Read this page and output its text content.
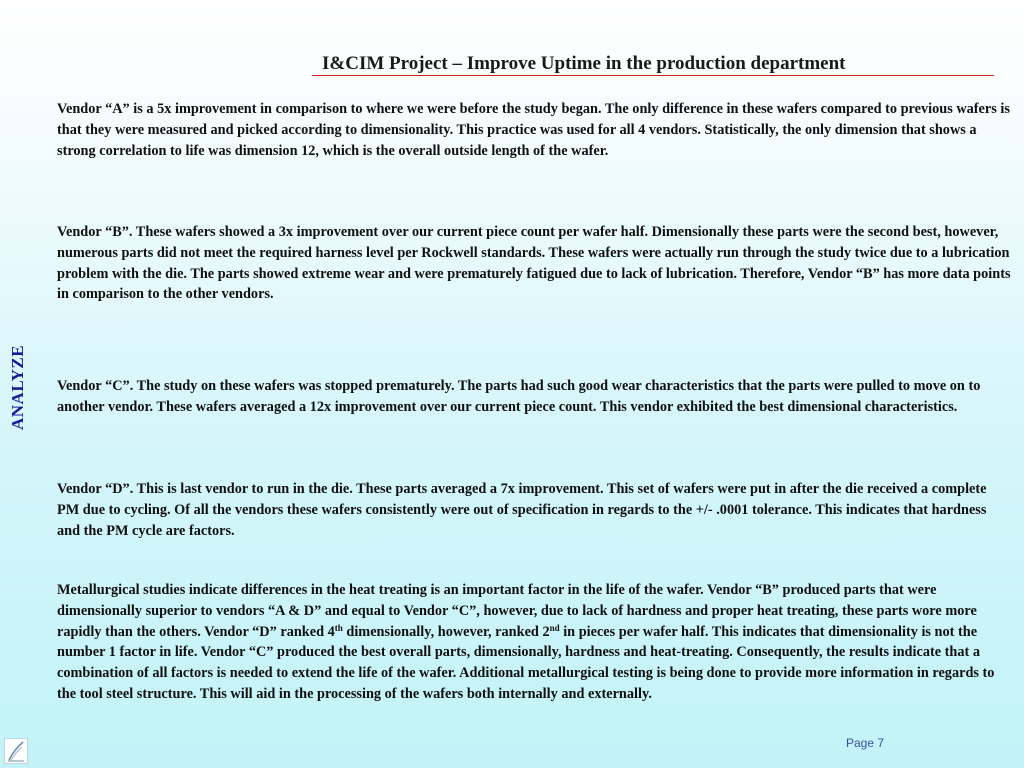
I&CIM Project – Improve Uptime in the production department
ANALYZE

Vendor “A” is a 5x improvement in comparison to where we were before the study began. The only difference in these wafers compared to previous wafers is that they were measured and picked according to dimensionality. This practice was used for all 4 vendors. Statistically, the only dimension that shows a strong correlation to life was dimension 12, which is the overall outside length of the wafer.

Vendor “B”. These wafers showed a 3x improvement over our current piece count per wafer half. Dimensionally these parts were the second best, however, numerous parts did not meet the required harness level per Rockwell standards. These wafers were actually run through the study twice due to a lubrication problem with the die. The parts showed extreme wear and were prematurely fatigued due to lack of lubrication. Therefore, Vendor “B” has more data points in comparison to the other vendors.

Vendor “C”. The study on these wafers was stopped prematurely. The parts had such good wear characteristics that the parts were pulled to move on to another vendor. These wafers averaged a 12x improvement over our current piece count. This vendor exhibited the best dimensional characteristics.

Vendor “D”. This is last vendor to run in the die. These parts averaged a 7x improvement. This set of wafers were put in after the die received a complete PM due to cycling. Of all the vendors these wafers consistently were out of specification in regards to the +/- .0001 tolerance. This indicates that hardness and the PM cycle are factors.

Metallurgical studies indicate differences in the heat treating is an important factor in the life of the wafer. Vendor “B” produced parts that were dimensionally superior to vendors “A & D” and equal to Vendor “C”, however, due to lack of hardness and proper heat treating, these parts wore more rapidly than the others. Vendor “D” ranked 4th dimensionally, however, ranked 2nd in pieces per wafer half. This indicates that dimensionality is not the number 1 factor in life. Vendor “C” produced the best overall parts, dimensionally, hardness and heat-treating. Consequently, the results indicate that a combination of all factors is needed to extend the life of the wafer. Additional metallurgical testing is being done to provide more information in regards to the tool steel structure. This will aid in the processing of the wafers both internally and externally.

Page 7
